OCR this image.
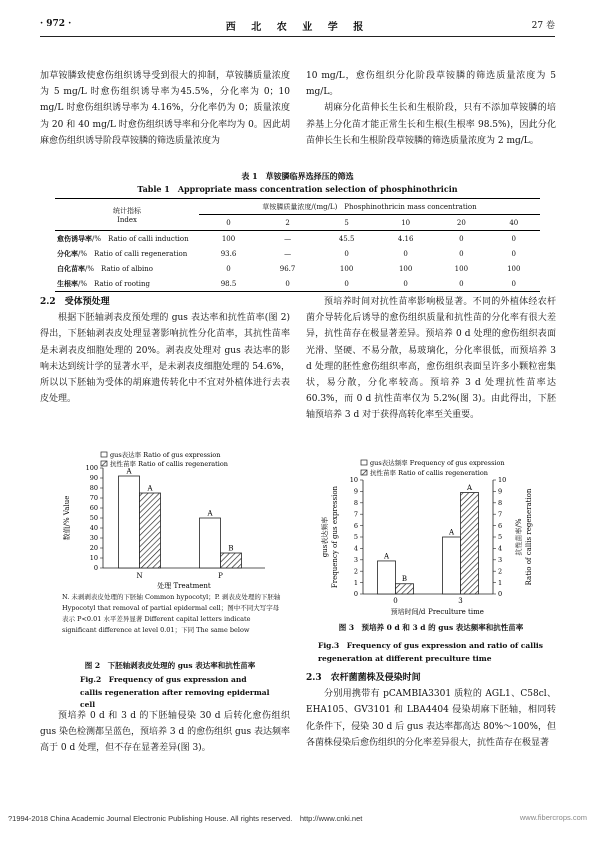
· 972 ·	西 北 农 业 学 报	27 卷

加草铵膦致使愈伤组织诱导受到很大的抑制，草铵膦质量浓度为 5 mg/L 时愈伤组织诱导率为45.5%，分化率为 0；10 mg/L 时愈伤组织诱导率为 4.16%，分化率仍为 0；质量浓度为 20 和 40 mg/L 时愈伤组织诱导率和分化率均为 0。因此胡麻愈伤组织诱导阶段草铵膦的筛选质量浓度为

10 mg/L，愈伤组织分化阶段草铵膦的筛选质量浓度为 5 mg/L。

胡麻分化苗伸长生长和生根阶段，只有不添加草铵膦的培养基上分化苗才能正常生长和生根(生根率 98.5%)，因此分化苗伸长生长和生根阶段草铵膦的筛选质量浓度为 2 mg/L。

表 1　草铵膦临界选择压的筛选
Table 1　Appropriate mass concentration selection of phosphinothricin
统计指标
Index	草铵膦质量浓度/(mg/L)　Phosphinothricin mass concentration					
	0	2	5	10	20	40
愈伤诱导率/%　Ratio of calli induction	100	—	45.5	4.16	0	0
分化率/%　Ratio of calli regeneration	93.6	—	0	0	0	0
白化苗率/%　Ratio of albino	0	96.7	100	100	100	100
生根率/%　Ratio of rooting	98.5	0	0	0	0	0

2.2　受体预处理

根据下胚轴剥表皮预处理的 gus 表达率和抗性苗率(图 2)得出，下胚轴剥表皮处理显著影响抗性分化苗率，其抗性苗率是未剥表皮细胞处理的 20%。剥表皮处理对 gus 表达率的影响未达到统计学的显著水平，是未剥表皮细胞处理的 54.6%，所以以下胚轴为受体的胡麻遗传转化中不宜对外植体进行去表皮处理。

预培养时间对抗性苗率影响极显著。不同的外植体经农杆菌介导转化后诱导的愈伤组织质量和抗性苗的分化率有很大差异，抗性苗存在极显著差异。预培养 0 d 处理的愈伤组织表面光滑、坚硬、不易分散，易玻璃化，分化率很低，而预培养 3 d 处理的胚性愈伤组织率高，愈伤组织表面呈许多小颗粒密集状，易分散，分化率较高。预培养 3 d 处理抗性苗率达 60.3%，而 0 d 抗性苗率仅为 5.2%(图 3)。由此得出，下胚轴预培养 3 d 对于获得高转化率至关重要。

gus表达率 Ratio of gus expression
抗性苗率 Ratio of callis regeneration
0
10
20
30
40
50
60
70
80
90
100
数值/% Value
A
A
N
A
B
P
处理 Treatment
N. 未剥剥表皮处理的下胚轴 Common hypocotyl；P. 剥表皮处理的下胚轴 Hypocotyl that removal of partial epidermal cell；图中不同大写字母表示 P<0.01 水平差异显著 Different capital letters indicate significant difference at level 0.01；下同 The same below
图 2　下胚轴剥表皮处理的 gus 表达率和抗性苗率
Fig.2　Frequency of gus expression and callis regeneration after removing epidermal cell
gus表达频率 Frequency of gus expression
抗性苗率 Ratio of callis regeneration
0	0
1	1
2	2
3	3
4	4
5	5
6	6
7	7
8	8
9	9
10	10
gus表达频率 Frequency of gus expression	抗性苗率/% Ratio of callis regeneration
A
B
0
A
A
3
预培时间/d Preculture time
图 3　预培养 0 d 和 3 d 的 gus 表达频率和抗性苗率
Fig.3　Frequency of gus expression and ratio of callis regeneration at different preculture time

预培养 0 d 和 3 d 的下胚轴侵染 30 d 后转化愈伤组织 gus 染色检测都呈蓝色，预培养 3 d 的愈伤组织 gus 表达频率高于 0 d 处理，但不存在显著差异(图 3)。

2.3　农杆菌菌株及侵染时间

分别用携带有 pCAMBIA3301 质粒的 AGL1、C58cl、EHA105、GV3101 和 LBA4404 侵染胡麻下胚轴，相同转化条件下，侵染 30 d 后 gus 表达率都高达 80%～100%，但各菌株侵染后愈伤组织的分化率差异很大，抗性苗存在极显著

?1994-2018 China Academic Journal Electronic Publishing House. All rights reserved.　http://www.cnki.net	www.fibercrops.com
